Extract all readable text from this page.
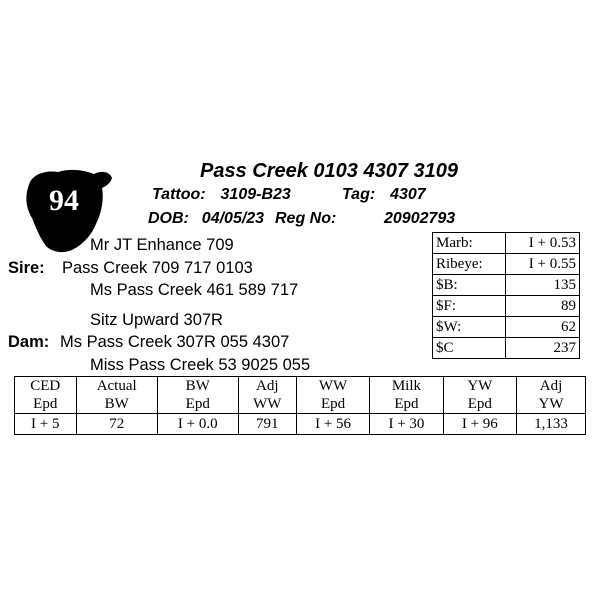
94
Pass Creek 0103 4307 3109
Tattoo: 3109-B23	Tag: 4307
DOB: 04/05/23 Reg No:	20902793
Mr JT Enhance 709
Sire: Pass Creek 709 717 0103
Ms Pass Creek 461 589 717
Sitz Upward 307R
Dam: Ms Pass Creek 307R 055 4307
Miss Pass Creek 53 9025 055
Marb:	I + 0.53
Ribeye:	I + 0.55
$B:	135
$F:	89
$W:	62
$C	237
CED	Actual	BW	Adj	WW	Milk	YW	Adj
Epd	BW	Epd	WW	Epd	Epd	Epd	YW
I + 5	72	I + 0.0	791	I + 56	I + 30	I + 96	1,133
